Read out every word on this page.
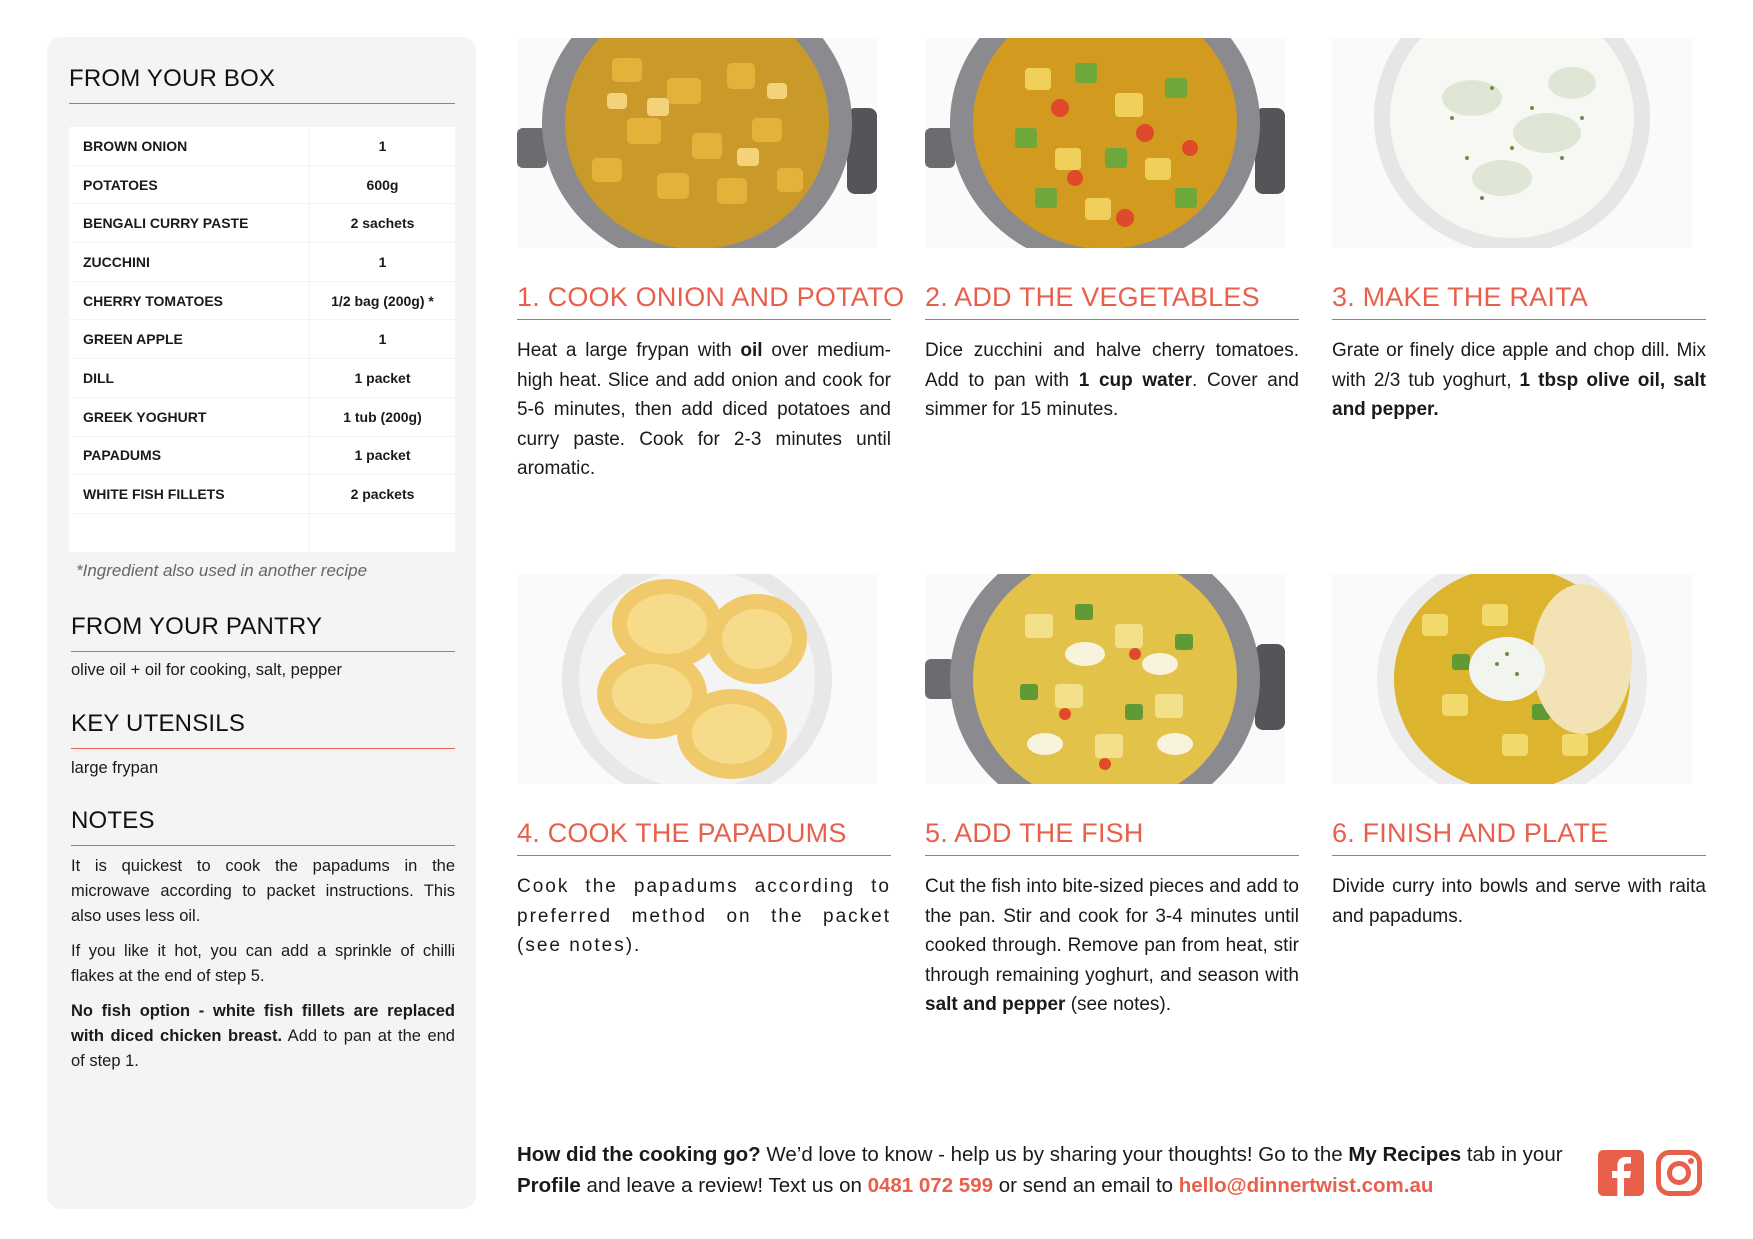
FROM YOUR BOX
BROWN ONION	1
POTATOES	600g
BENGALI CURRY PASTE	2 sachets
ZUCCHINI	1
CHERRY TOMATOES	1/2 bag (200g) *
GREEN APPLE	1
DILL	1 packet
GREEK YOGHURT	1 tub (200g)
PAPADUMS	1 packet
WHITE FISH FILLETS	2 packets
*Ingredient also used in another recipe
FROM YOUR PANTRY
olive oil + oil for cooking, salt, pepper
KEY UTENSILS
large frypan
NOTES

It is quickest to cook the papadums in the microwave according to packet instructions. This also uses less oil.

If you like it hot, you can add a sprinkle of chilli flakes at the end of step 5.

No fish option - white fish fillets are replaced with diced chicken breast. Add to pan at the end of step 1.

1. COOK ONION AND POTATO
Heat a large frypan with oil over medium-high heat. Slice and add onion and cook for 5-6 minutes, then add diced potatoes and curry paste. Cook for 2-3 minutes until aromatic.
2. ADD THE VEGETABLES
Dice zucchini and halve cherry tomatoes. Add to pan with 1 cup water. Cover and simmer for 15 minutes.
3. MAKE THE RAITA
Grate or finely dice apple and chop dill. Mix with 2/3 tub yoghurt, 1 tbsp olive oil, salt and pepper.
4. COOK THE PAPADUMS
Cook the papadums according to preferred method on the packet (see notes).
5. ADD THE FISH
Cut the fish into bite-sized pieces and add to the pan. Stir and cook for 3-4 minutes until cooked through. Remove pan from heat, stir through remaining yoghurt, and season with salt and pepper (see notes).
6. FINISH AND PLATE
Divide curry into bowls and serve with raita and papadums.
How did the cooking go? We’d love to know - help us by sharing your thoughts! Go to the My Recipes tab in your Profile and leave a review! Text us on 0481 072 599 or send an email to hello@dinnertwist.com.au
